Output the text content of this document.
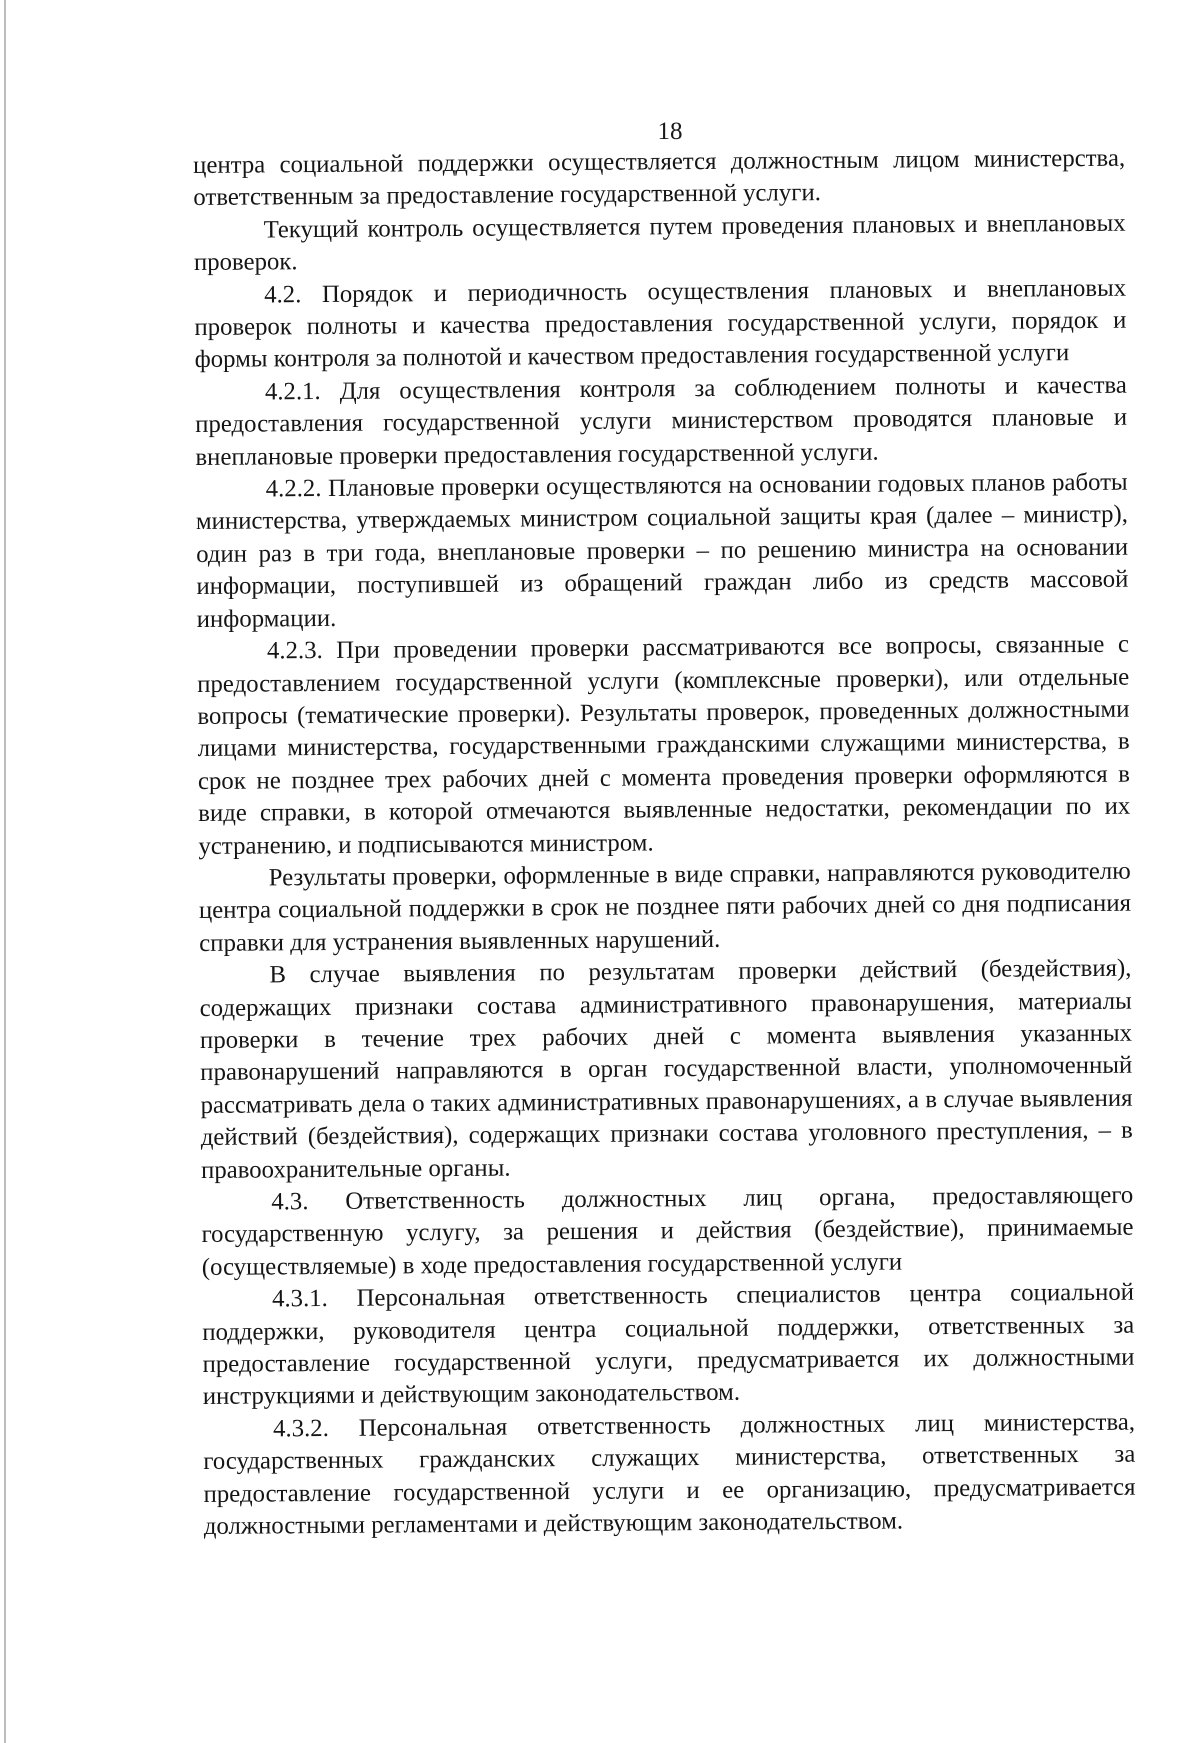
18

центра социальной поддержки осуществляется должностным лицом министерства, ответственным за предоставление государственной услуги.

Текущий контроль осуществляется путем проведения плановых и внеплановых проверок.

4.2. Порядок и периодичность осуществления плановых и внеплановых проверок полноты и качества предоставления государственной услуги, порядок и формы контроля за полнотой и качеством предоставления государственной услуги

4.2.1. Для осуществления контроля за соблюдением полноты и качества предоставления государственной услуги министерством проводятся плановые и внеплановые проверки предоставления государственной услуги.

4.2.2. Плановые проверки осуществляются на основании годовых планов работы министерства, утверждаемых министром социальной защиты края (далее – министр), один раз в три года, внеплановые проверки – по решению министра на основании информации, поступившей из обращений граждан либо из средств массовой информации.

4.2.3. При проведении проверки рассматриваются все вопросы, связанные с предоставлением государственной услуги (комплексные проверки), или отдельные вопросы (тематические проверки). Результаты проверок, проведенных должностными лицами министерства, государственными гражданскими служащими министерства, в срок не позднее трех рабочих дней с момента проведения проверки оформляются в виде справки, в которой отмечаются выявленные недостатки, рекомендации по их устранению, и подписываются министром.

Результаты проверки, оформленные в виде справки, направляются руководителю центра социальной поддержки в срок не позднее пяти рабочих дней со дня подписания справки для устранения выявленных нарушений.

В случае выявления по результатам проверки действий (бездействия), содержащих признаки состава административного правонарушения, материалы проверки в течение трех рабочих дней с момента выявления указанных правонарушений направляются в орган государственной власти, уполномоченный рассматривать дела о таких административных правонарушениях, а в случае выявления действий (бездействия), содержащих признаки состава уголовного преступления, – в правоохранительные органы.

4.3. Ответственность должностных лиц органа, предоставляющего государственную услугу, за решения и действия (бездействие), принимаемые (осуществляемые) в ходе предоставления государственной услуги

4.3.1. Персональная ответственность специалистов центра социальной поддержки, руководителя центра социальной поддержки, ответственных за предоставление государственной услуги, предусматривается их должностными инструкциями и действующим законодательством.

4.3.2. Персональная ответственность должностных лиц министерства, государственных гражданских служащих министерства, ответственных за предоставление государственной услуги и ее организацию, предусматривается должностными регламентами и действующим законодательством.
